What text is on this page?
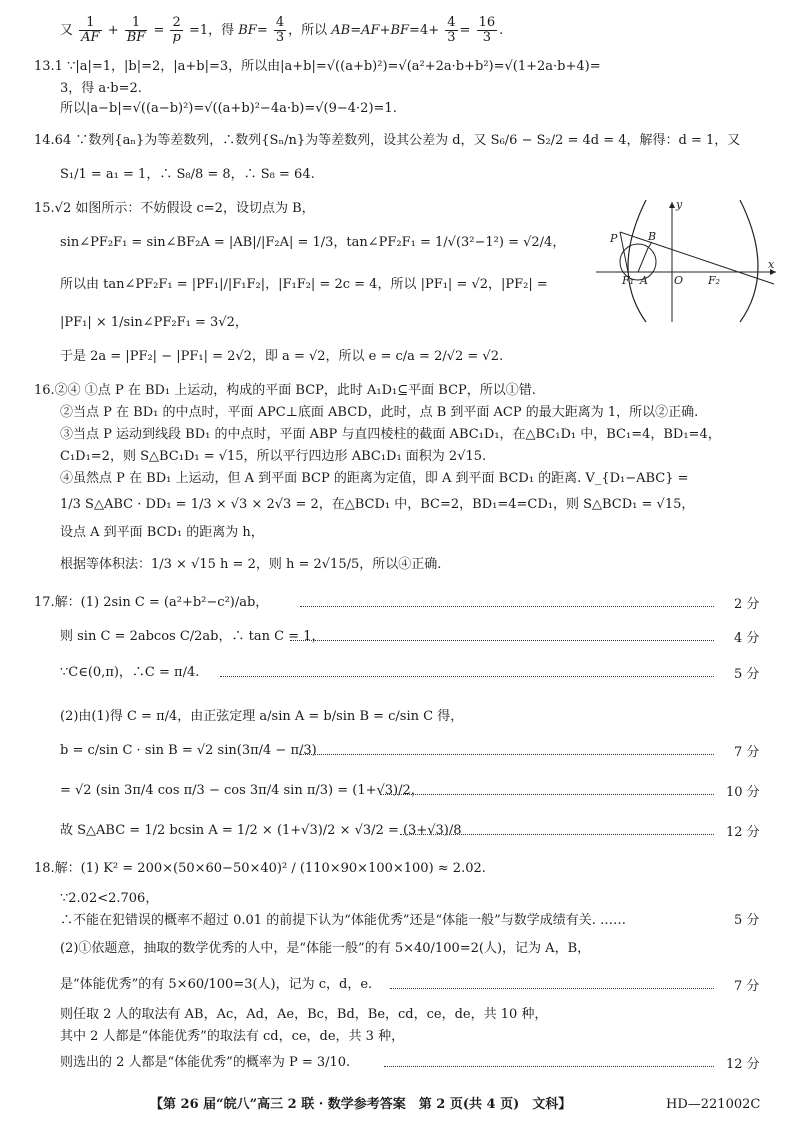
又 $\frac{1}{AF} + \frac{1}{BF} = \frac{2}{p} =1$，得 $BF= \frac{4}{3}$ ，所以 $AB=AF+BF=4+ \frac{4}{3} = \frac{16}{3}$ .
13.1 ∵|a|=1，|b|=2，|a+b|=3，所以由|a+b|=√((a+b)²)=√(a²+2a·b+b²)=√(1+2a·b+4)=
3，得 a·b=2.
所以|a−b|=√((a−b)²)=√((a+b)²−4a·b)=√(9−4·2)=1.
14.64 ∵数列{aₙ}为等差数列，∴数列{Sₙ/n}为等差数列，设其公差为 d，又 S₆/6 − S₂/2 = 4d = 4，解得：d = 1，又
S₁/1 = a₁ = 1，∴ S₈/8 = 8，∴ S₈ = 64.
15.√2 如图所示：不妨假设 c=2，设切点为 B，
sin∠PF₂F₁ = sin∠BF₂A = |AB|/|F₂A| = 1/3，tan∠PF₂F₁ = 1/√(3²−1²) = √2/4，
所以由 tan∠PF₂F₁ = |PF₁|/|F₁F₂|，|F₁F₂| = 2c = 4，所以 |PF₁| = √2，|PF₂| =
|PF₁| × 1/sin∠PF₂F₁ = 3√2，
于是 2a = |PF₂| − |PF₁| = 2√2，即 a = √2，所以 e = c/a = 2/√2 = √2.
y
P	B
F₁ A O F₂
x
16.②④ ①点 P 在 BD₁ 上运动，构成的平面 BCP，此时 A₁D₁⊆平面 BCP，所以①错.
②当点 P 在 BD₁ 的中点时，平面 APC⊥底面 ABCD，此时，点 B 到平面 ACP 的最大距离为 1，所以②正确.
③当点 P 运动到线段 BD₁ 的中点时，平面 ABP 与直四棱柱的截面 ABC₁D₁，在△BC₁D₁ 中，BC₁=4，BD₁=4，
C₁D₁=2，则 S△BC₁D₁ = √15，所以平行四边形 ABC₁D₁ 面积为 2√15.
④虽然点 P 在 BD₁ 上运动，但 A 到平面 BCP 的距离为定值，即 A 到平面 BCD₁ 的距离. V_{D₁−ABC} =
1/3 S△ABC · DD₁ = 1/3 × √3 × 2√3 = 2，在△BCD₁ 中，BC=2，BD₁=4=CD₁，则 S△BCD₁ = √15，
设点 A 到平面 BCD₁ 的距离为 h，
根据等体积法：1/3 × √15 h = 2，则 h = 2√15/5，所以④正确.
17.解：(1) 2sin C = (a²+b²−c²)/ab，	2 分
则 sin C = 2abcos C/2ab，∴ tan C = 1，	4 分
∵C∈(0,π)，∴C = π/4.	5 分
(2)由(1)得 C = π/4，由正弦定理 a/sin A = b/sin B = c/sin C 得，
b = c/sin C · sin B = √2 sin(3π/4 − π/3)	7 分
= √2 (sin 3π/4 cos π/3 − cos 3π/4 sin π/3) = (1+√3)/2，	10 分
故 S△ABC = 1/2 bcsin A = 1/2 × (1+√3)/2 × √3/2 = (3+√3)/8	12 分
18.解：(1) K² = 200×(50×60−50×40)² / (110×90×100×100) ≈ 2.02.
∵2.02<2.706，
∴不能在犯错误的概率不超过 0.01 的前提下认为“体能优秀”还是“体能一般”与数学成绩有关. ……	5 分
(2)①依题意，抽取的数学优秀的人中，是“体能一般”的有 5×40/100=2(人)，记为 A，B，
是“体能优秀”的有 5×60/100=3(人)，记为 c，d，e.	7 分
则任取 2 人的取法有 AB，Ac，Ad，Ae，Bc，Bd，Be，cd，ce，de，共 10 种，
其中 2 人都是“体能优秀”的取法有 cd，ce，de，共 3 种，
则选出的 2 人都是“体能优秀”的概率为 P = 3/10.	12 分
【第 26 届“皖八”高三 2 联 · 数学参考答案　第 2 页(共 4 页)　文科】	HD—221002C
